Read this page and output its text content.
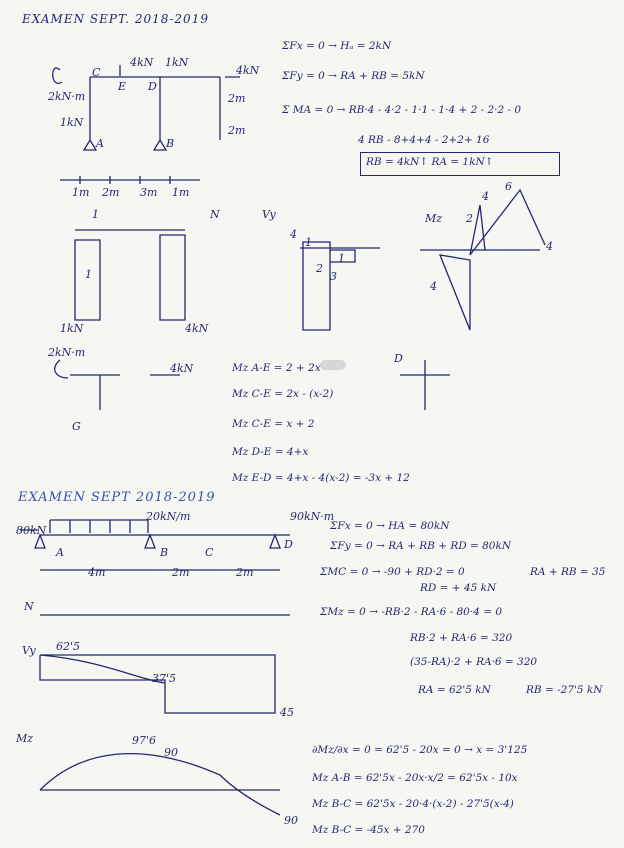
EXAMEN SEPT. 2018-2019
EXAMEN SEPT 2018-2019
4kN 1kN
4kN
2kN·m
1kN
C
E D
A	B
2m
2m
1m 2m 3m 1m
ΣFx = 0 → Hₐ = 2kN
ΣFy = 0 → RA + RB = 5kN
Σ MA = 0 → RB·4 - 4·2 - 1·1 - 1·4 + 2 - 2·2 - 0
4 RB - 8+4+4 - 2+2+ 16
RB = 4kN↑ RA = 1kN↑
N	Vy	Mz
1
1
1kN	4kN
4
1
1
2
3
4
6
2
4
4
2kN·m
4kN
G
D
Mz A-E = 2 + 2x
Mz C-E = 2x - (x-2)
Mz C-E = x + 2
Mz D-E = 4+x
Mz E-D = 4+x - 4(x-2) = -3x + 12
80kN
20kN/m	90kN·m
A	B	C
D
4m	2m	2m
ΣFx = 0 → HA = 80kN
ΣFy = 0 → RA + RB + RD = 80kN
ΣMC = 0 → -90 + RD·2 = 0
RD = + 45 kN
RA + RB = 35
ΣMz = 0 → -RB·2 - RA·6 - 80·4 = 0
RB·2 + RA·6 = 320
(35-RA)·2 + RA·6 = 320
RA = 62'5 kN	RB = -27'5 kN
N
Vy 62'5
37'5
45
Mz	97'6
90
90
∂Mz/∂x = 0 = 62'5 - 20x = 0 → x = 3'125
Mz A-B = 62'5x - 20x·x/2 = 62'5x - 10x
Mz B-C = 62'5x - 20·4·(x-2) - 27'5(x-4)
Mz B-C = -45x + 270
